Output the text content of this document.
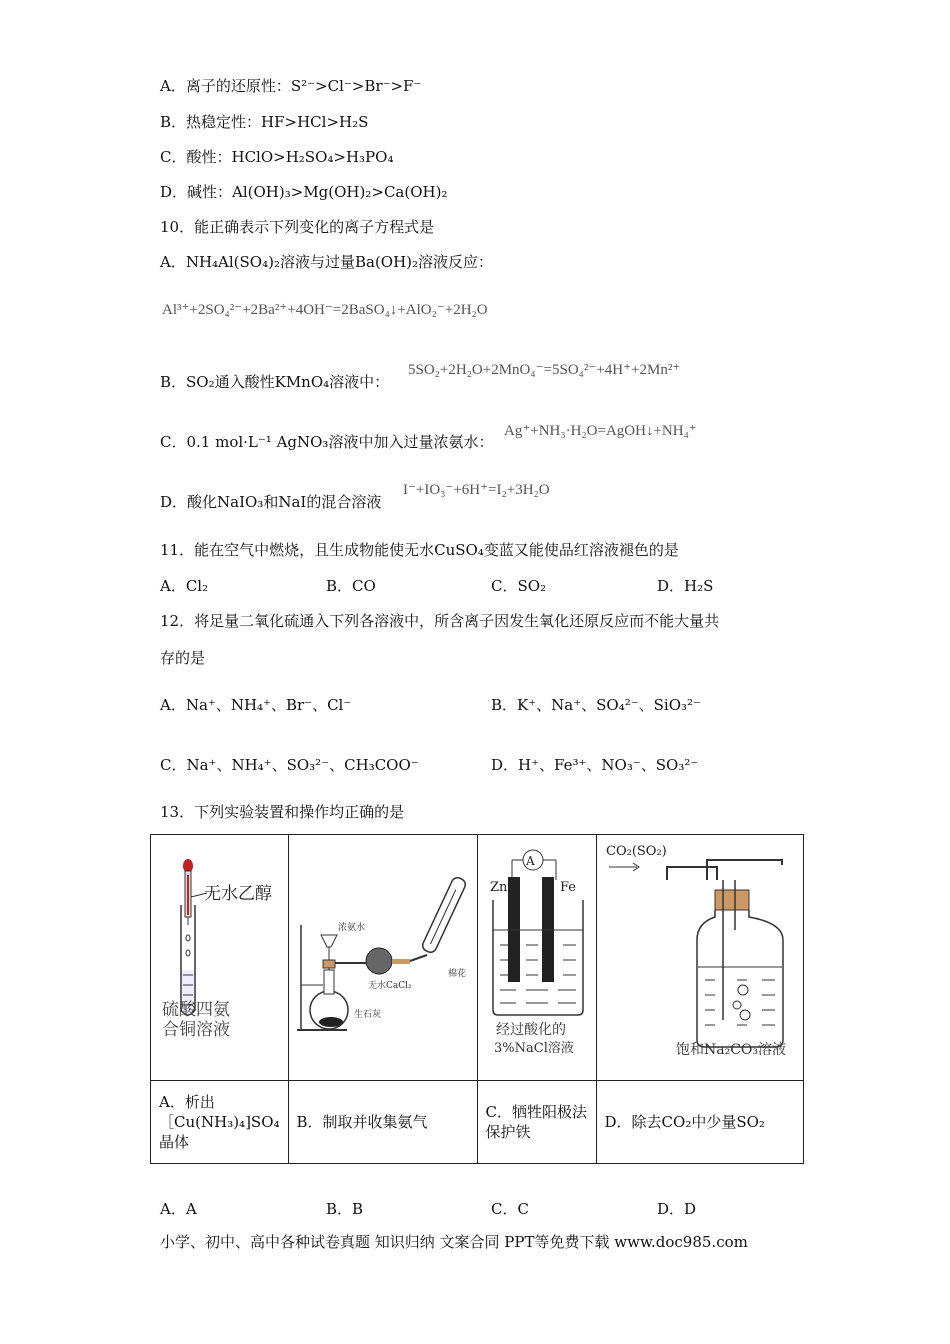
A．离子的还原性：S²⁻>Cl⁻>Br⁻>F⁻
B．热稳定性：HF>HCl>H₂S
C．酸性：HClO>H₂SO₄>H₃PO₄
D．碱性：Al(OH)₃>Mg(OH)₂>Ca(OH)₂
10．能正确表示下列变化的离子方程式是
A．NH₄Al(SO₄)₂溶液与过量Ba(OH)₂溶液反应：
Al³⁺+2SO₄²⁻+2Ba²⁺+4OH⁻=2BaSO₄↓+AlO₂⁻+2H₂O
B．SO₂通入酸性KMnO₄溶液中：
5SO₂+2H₂O+2MnO₄⁻=5SO₄²⁻+4H⁺+2Mn²⁺
C．0.1 mol·L⁻¹ AgNO₃溶液中加入过量浓氨水：
Ag⁺+NH₃·H₂O=AgOH↓+NH₄⁺
D．酸化NaIO₃和NaI的混合溶液
I⁻+IO₃⁻+6H⁺=I₂+3H₂O
11．能在空气中燃烧，且生成物能使无水CuSO₄变蓝又能使品红溶液褪色的是
A．Cl₂	B．CO	C．SO₂	D．H₂S
12．将足量二氧化硫通入下列各溶液中，所含离子因发生氧化还原反应而不能大量共
存的是
A．Na⁺、NH₄⁺、Br⁻、Cl⁻	B．K⁺、Na⁺、SO₄²⁻、SiO₃²⁻
C．Na⁺、NH₄⁺、SO₃²⁻、CH₃COO⁻	D．H⁺、Fe³⁺、NO₃⁻、SO₃²⁻
13．下列实验装置和操作均正确的是

A．析出［Cu(NH₃)₄]SO₄晶体	B．制取并收集氨气	C．牺牲阳极法保护铁	D．除去CO₂中少量SO₂
无水乙醇
硫酸四氨
合铜溶液
浓氨水
无水CaCl₂
棉花
生石灰
A
Zn	Fe
经过酸化的
3%NaCl溶液
CO₂(SO₂)
饱和Na₂CO₃溶液
A．A	B．B	C．C	D．D
小学、初中、高中各种试卷真题 知识归纳 文案合同 PPT等免费下载 www.doc985.com
